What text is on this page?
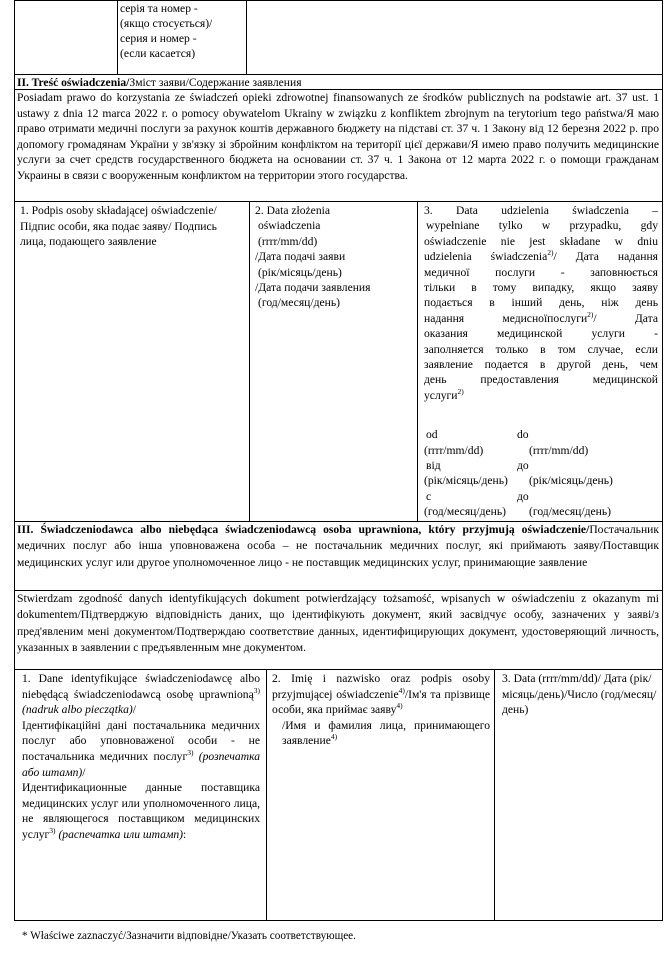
серія та номер -
(якщо стосується)/
серия и номер -
(если касается)
II. Treść oświadczenia/Зміст заяви/Содержание заявления
Posiadam prawo do korzystania ze świadczeń opieki zdrowotnej finansowanych ze środków publicznych na podstawie art. 37 ust. 1 ustawy z dnia 12 marca 2022 r. o pomocy obywatelom Ukrainy w związku z konfliktem zbrojnym na terytorium tego państwa/Я маю право отримати медичні послуги за рахунок коштів державного бюджету на підставі ст. 37 ч. 1 Закону від 12 березня 2022 р. про допомогу громадянам України у зв'язку зі збройним конфліктом на території цієї держави/Я имею право получить медицинские услуги за счет средств государственного бюджета на основании ст. 37 ч. 1 Закона от 12 марта 2022 г. о помощи гражданам Украины в связи с вооруженным конфликтом на территории этого государства.
1. Podpis osoby składającej oświadczenie/Підпис особи, яка подає заяву/ Подпись лица, подающего заявление
2. Data złożenia
oświadczenia
(rrrr/mm/dd)
/Дата подачі заяви
(рік/місяць/день)
/Дата подачи заявления
(год/месяц/день)
3. Data udzielenia świadczenia –
wypełniane tylko w przypadku, gdy
oświadczenie nie jest składane w dniu
udzielenia świadczenia$^{2)}$/ Дата надання
медичної послуги - заповнюється
тільки в тому випадку, якщо заяву
подається в інший день, ніж день
надання медисноїпослуги$^{2)}$/ Дата
оказания медицинской услуги -
заполняется только в том случае, если
заявление подается в другой день, чем
день предоставления медицинской
услуги$^{2)}$
od	do
(rrrr/mm/dd)	(rrrr/mm/dd)
від	до
(рік/місяць/день) (рік/місяць/день)
с	до
(год/месяц/день) (год/месяц/день)
III. Świadczeniodawca albo niebędąca świadczeniodawcą osoba uprawniona, który przyjmują oświadczenie/Постачальник медичних послуг або інша уповноважена особа – не постачальник медичних послуг, які приймають заяву/Поставщик медицинских услуг или другое уполномоченное лицо - не поставщик медицинских услуг, принимающие заявление
Stwierdzam zgodność danych identyfikujących dokument potwierdzający tożsamość, wpisanych w oświadczeniu z okazanym mi dokumentem/Підтверджую відповідність даних, що ідентифікують документ, який засвідчує особу, зазначених у заяві/з пред'явленим мені документом/Подтверждаю соответствие данных, идентифицирующих документ, удостоверяющий личность, указанных в заявлении с предъявленным мне документом.
1. Dane identyfikujące świadczeniodawcę albo niebędącą świadczeniodawcą osobę uprawnioną$^{3)}$ (nadruk albo pieczątka)/
Ідентифікаційні дані постачальника медичних послуг або уповноваженої особи - не постачальника медичних послуг$^{3)}$ (розпечатка або штамп)/
Идентификационные данные поставщика медицинских услуг или уполномоченного лица, не являющегося поставщиком медицинских услуг$^{3)}$ (распечатка или штамп):
2. Imię i nazwisko oraz podpis osoby przyjmującej oświadczenie$^{4)}$/Ім'я та прізвище особи, яка приймає заяву$^{4)}$
/Имя и фамилия лица, принимающего заявление$^{4)}$
3. Data (rrrr/mm/dd)/ Дата (рік/місяць/день)/Число (год/месяц/день)
* Właściwe zaznaczyć/Зазначити відповідне/Указать соответствующее.
